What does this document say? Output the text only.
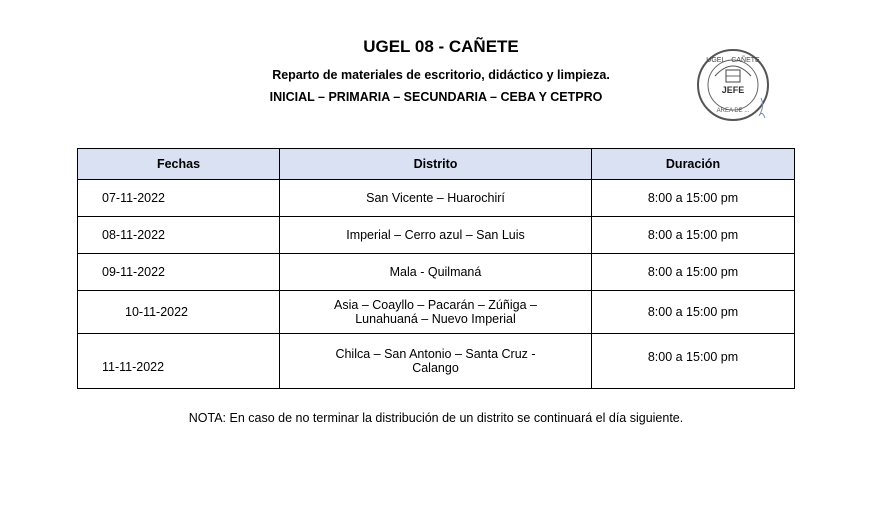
UGEL 08 - CAÑETE
Reparto de materiales de escritorio, didáctico y limpieza.
INICIAL – PRIMARIA – SECUNDARIA – CEBA Y CETPRO
UGEL · CAÑETE
JEFE
AREA DE ...
Fechas	Distrito	Duración
07-11-2022	San Vicente – Huarochirí	8:00 a 15:00 pm
08-11-2022	Imperial – Cerro azul – San Luis	8:00 a 15:00 pm
09-11-2022	Mala - Quilmaná	8:00 a 15:00 pm
10-11-2022	Asia – Coayllo – Pacarán – Zúñiga –
Lunahuaná – Nuevo Imperial	8:00 a 15:00 pm
11-11-2022	Chilca – San Antonio – Santa Cruz -
Calango	8:00 a 15:00 pm
NOTA: En caso de no terminar la distribución de un distrito se continuará el día siguiente.
